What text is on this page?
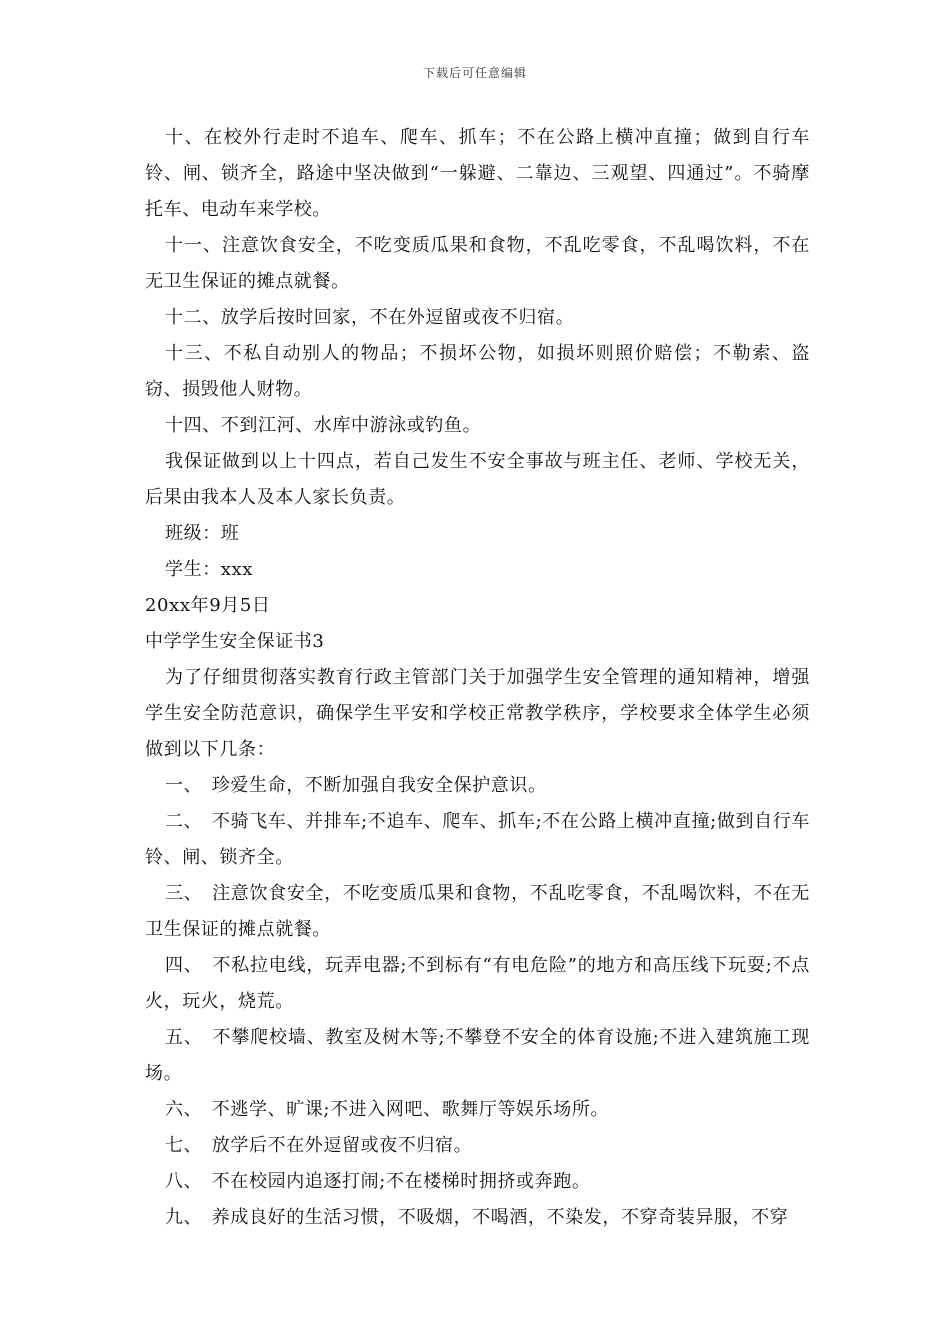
下载后可任意编辑

十、在校外行走时不追车、爬车、抓车；不在公路上横冲直撞；做到自行车铃、闸、锁齐全，路途中坚决做到“一躲避、二靠边、三观望、四通过”。不骑摩托车、电动车来学校。

十一、注意饮食安全，不吃变质瓜果和食物，不乱吃零食，不乱喝饮料，不在无卫生保证的摊点就餐。

十二、放学后按时回家，不在外逗留或夜不归宿。

十三、不私自动别人的物品；不损坏公物，如损坏则照价赔偿；不勒索、盗窃、损毁他人财物。

十四、不到江河、水库中游泳或钓鱼。

我保证做到以上十四点，若自己发生不安全事故与班主任、老师、学校无关，后果由我本人及本人家长负责。

班级：班

学生：xxx

20xx年9月5日

中学学生安全保证书3

为了仔细贯彻落实教育行政主管部门关于加强学生安全管理的通知精神，增强学生安全防范意识，确保学生平安和学校正常教学秩序，学校要求全体学生必须做到以下几条：

一、　珍爱生命，不断加强自我安全保护意识。

二、　不骑飞车、并排车;不追车、爬车、抓车;不在公路上横冲直撞;做到自行车铃、闸、锁齐全。

三、　注意饮食安全，不吃变质瓜果和食物，不乱吃零食，不乱喝饮料，不在无卫生保证的摊点就餐。

四、　不私拉电线，玩弄电器;不到标有“有电危险”的地方和高压线下玩耍;不点火，玩火，烧荒。

五、　不攀爬校墙、教室及树木等;不攀登不安全的体育设施;不进入建筑施工现场。

六、　不逃学、旷课;不进入网吧、歌舞厅等娱乐场所。

七、　放学后不在外逗留或夜不归宿。

八、　不在校园内追逐打闹;不在楼梯时拥挤或奔跑。

九、　养成良好的生活习惯，不吸烟，不喝酒，不染发，不穿奇装异服，不穿
